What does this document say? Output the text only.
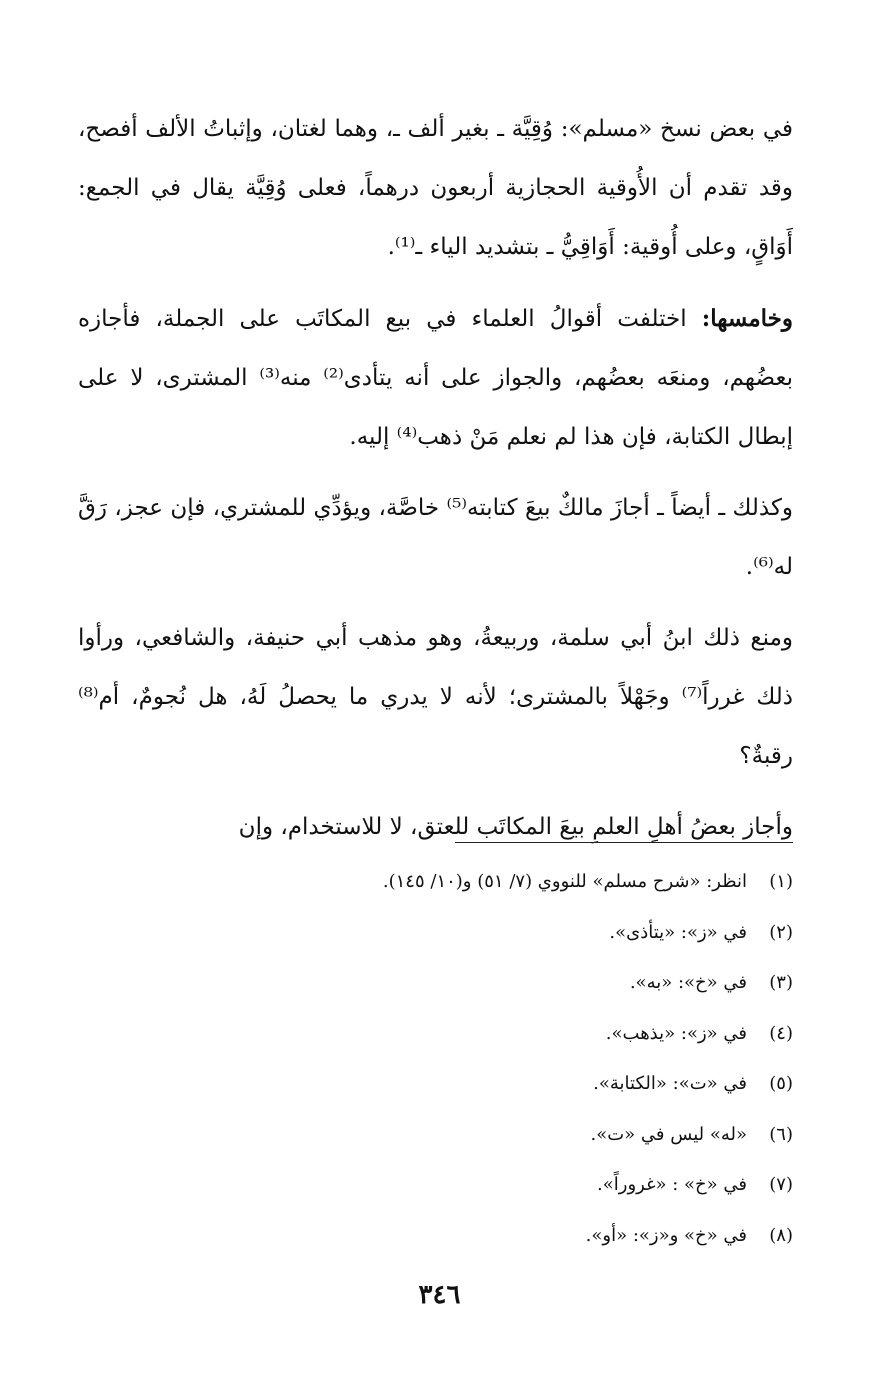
في بعض نسخ «مسلم»: وُقِيَّة ـ بغير ألف ـ، وهما لغتان، وإثباتُ الألف أفصح، وقد تقدم أن الأُوقية الحجازية أربعون درهماً، فعلى وُقِيَّة يقال في الجمع: أَوَاقٍ، وعلى أُوقية: أَوَاقِيُّ ـ بتشديد الياء ـ⁽¹⁾.

وخامسها: اختلفت أقوالُ العلماء في بيع المكاتَب على الجملة، فأجازه بعضُهم، ومنعَه بعضُهم، والجواز على أنه يتأدى⁽²⁾ منه⁽³⁾ المشترى، لا على إبطال الكتابة، فإن هذا لم نعلم مَنْ ذهب⁽⁴⁾ إليه.

وكذلك ـ أيضاً ـ أجازَ مالكٌ بيعَ كتابته⁽⁵⁾ خاصَّة، ويؤدِّي للمشتري، فإن عجز، رَقَّ له⁽⁶⁾.

ومنع ذلك ابنُ أبي سلمة، وربيعةُ، وهو مذهب أبي حنيفة، والشافعي، ورأوا ذلك غرراً⁽⁷⁾ وجَهْلاً بالمشترى؛ لأنه لا يدري ما يحصلُ لَهُ، هل نُجومٌ، أم⁽⁸⁾ رقبةٌ؟

وأجاز بعضُ أهلِ العلمِ بيعَ المكاتَب للعتق، لا للاستخدام، وإن

(١)
انظر: «شرح مسلم» للنووي (٧/ ٥١) و(١٠/ ١٤٥).
(٢)
في «ز»: «يتأذى».
(٣)
في «خ»: «به».
(٤)
في «ز»: «يذهب».
(٥)
في «ت»: «الكتابة».
(٦)
«له» ليس في «ت».
(٧)
في «خ» : «غروراً».
(٨)
في «خ» و«ز»: «أو».
٣٤٦
